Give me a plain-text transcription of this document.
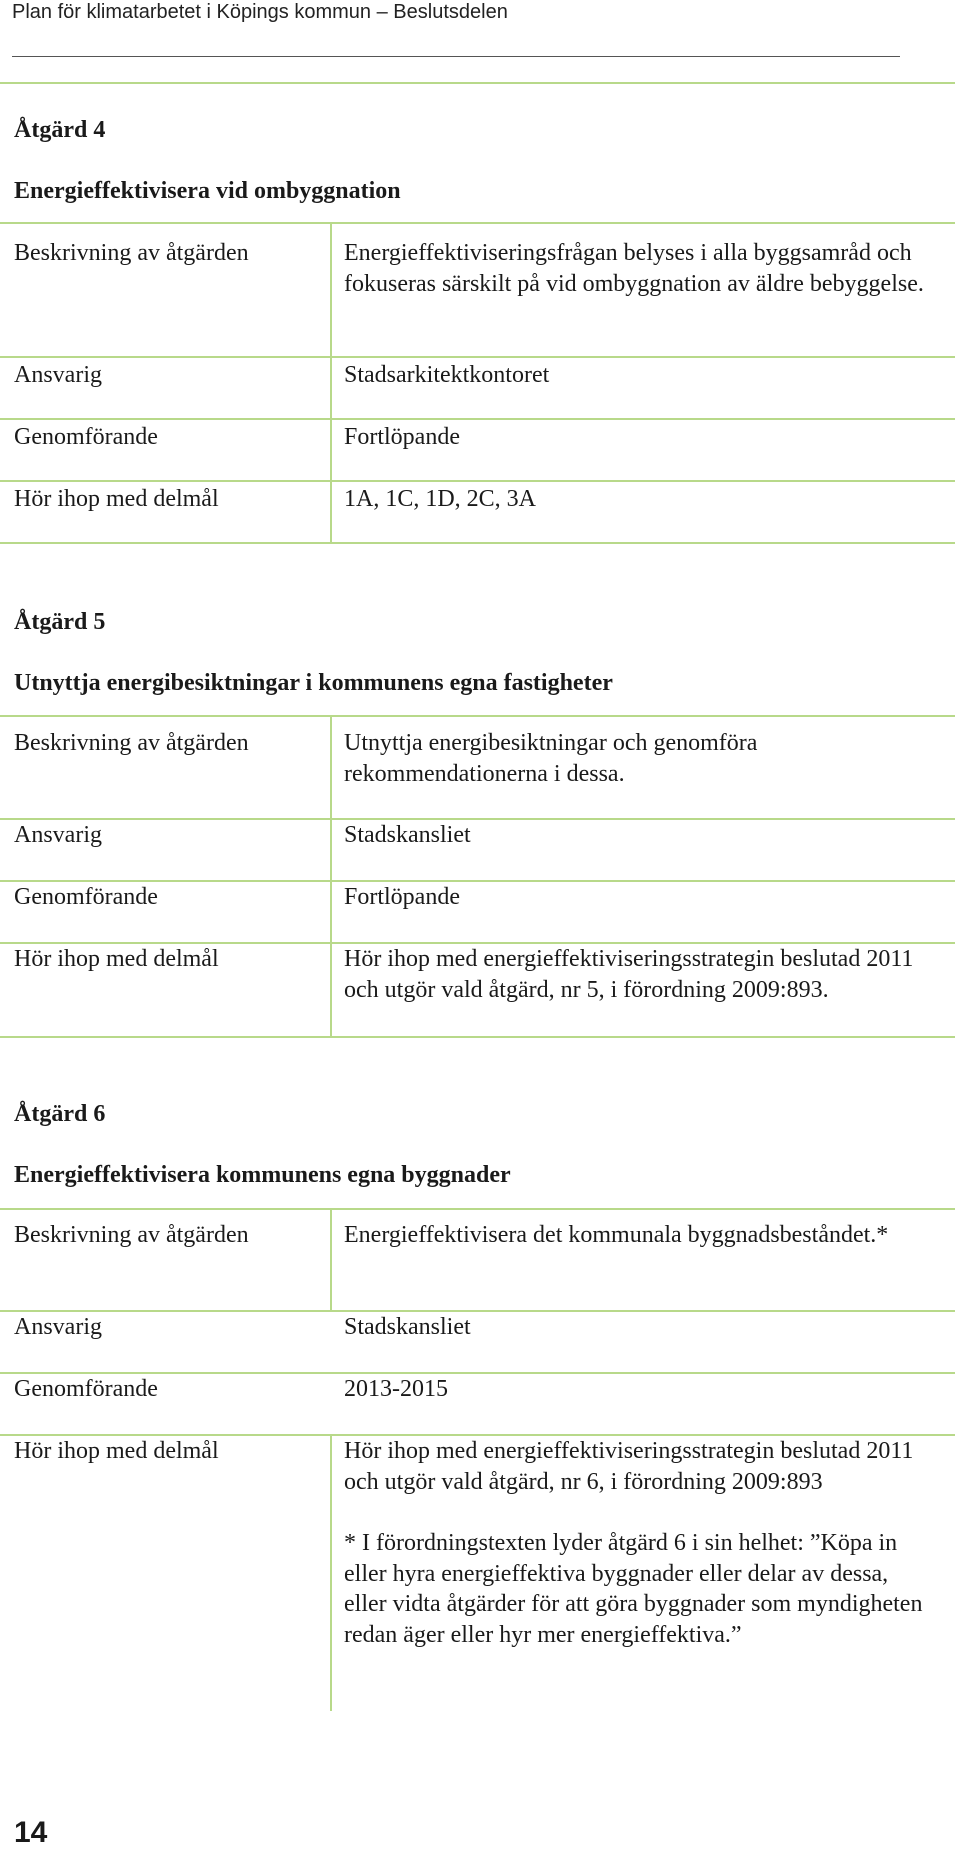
Plan för klimatarbetet i Köpings kommun – Beslutsdelen
Åtgärd 4
Energieffektivisera vid ombyggnation
Beskrivning av åtgärden	Energieffektiviseringsfrågan belyses i alla byggsamråd och fokuseras särskilt på vid ombyggnation av äldre bebyggelse.
Ansvarig	Stadsarkitektkontoret
Genomförande	Fortlöpande
Hör ihop med delmål	1A, 1C, 1D, 2C, 3A
Åtgärd 5
Utnyttja energibesiktningar i kommunens egna fastigheter
Beskrivning av åtgärden	Utnyttja energibesiktningar och genomföra rekommendationerna i dessa.
Ansvarig	Stadskansliet
Genomförande	Fortlöpande
Hör ihop med delmål	Hör ihop med energieffektiviseringsstrategin beslutad 2011 och utgör vald åtgärd, nr 5, i förordning 2009:893.
Åtgärd 6
Energieffektivisera kommunens egna byggnader
Beskrivning av åtgärden	Energieffektivisera det kommunala byggnadsbeståndet.*
Ansvarig	Stadskansliet
Genomförande	2013-2015
Hör ihop med delmål	Hör ihop med energieffektiviseringsstrategin beslutad 2011 och utgör vald åtgärd, nr 6, i förordning 2009:893
* I förordningstexten lyder åtgärd 6 i sin helhet: ”Köpa in eller hyra energieffektiva byggnader eller delar av dessa, eller vidta åtgärder för att göra byggnader som myndigheten redan äger eller hyr mer energieffektiva.”
14
